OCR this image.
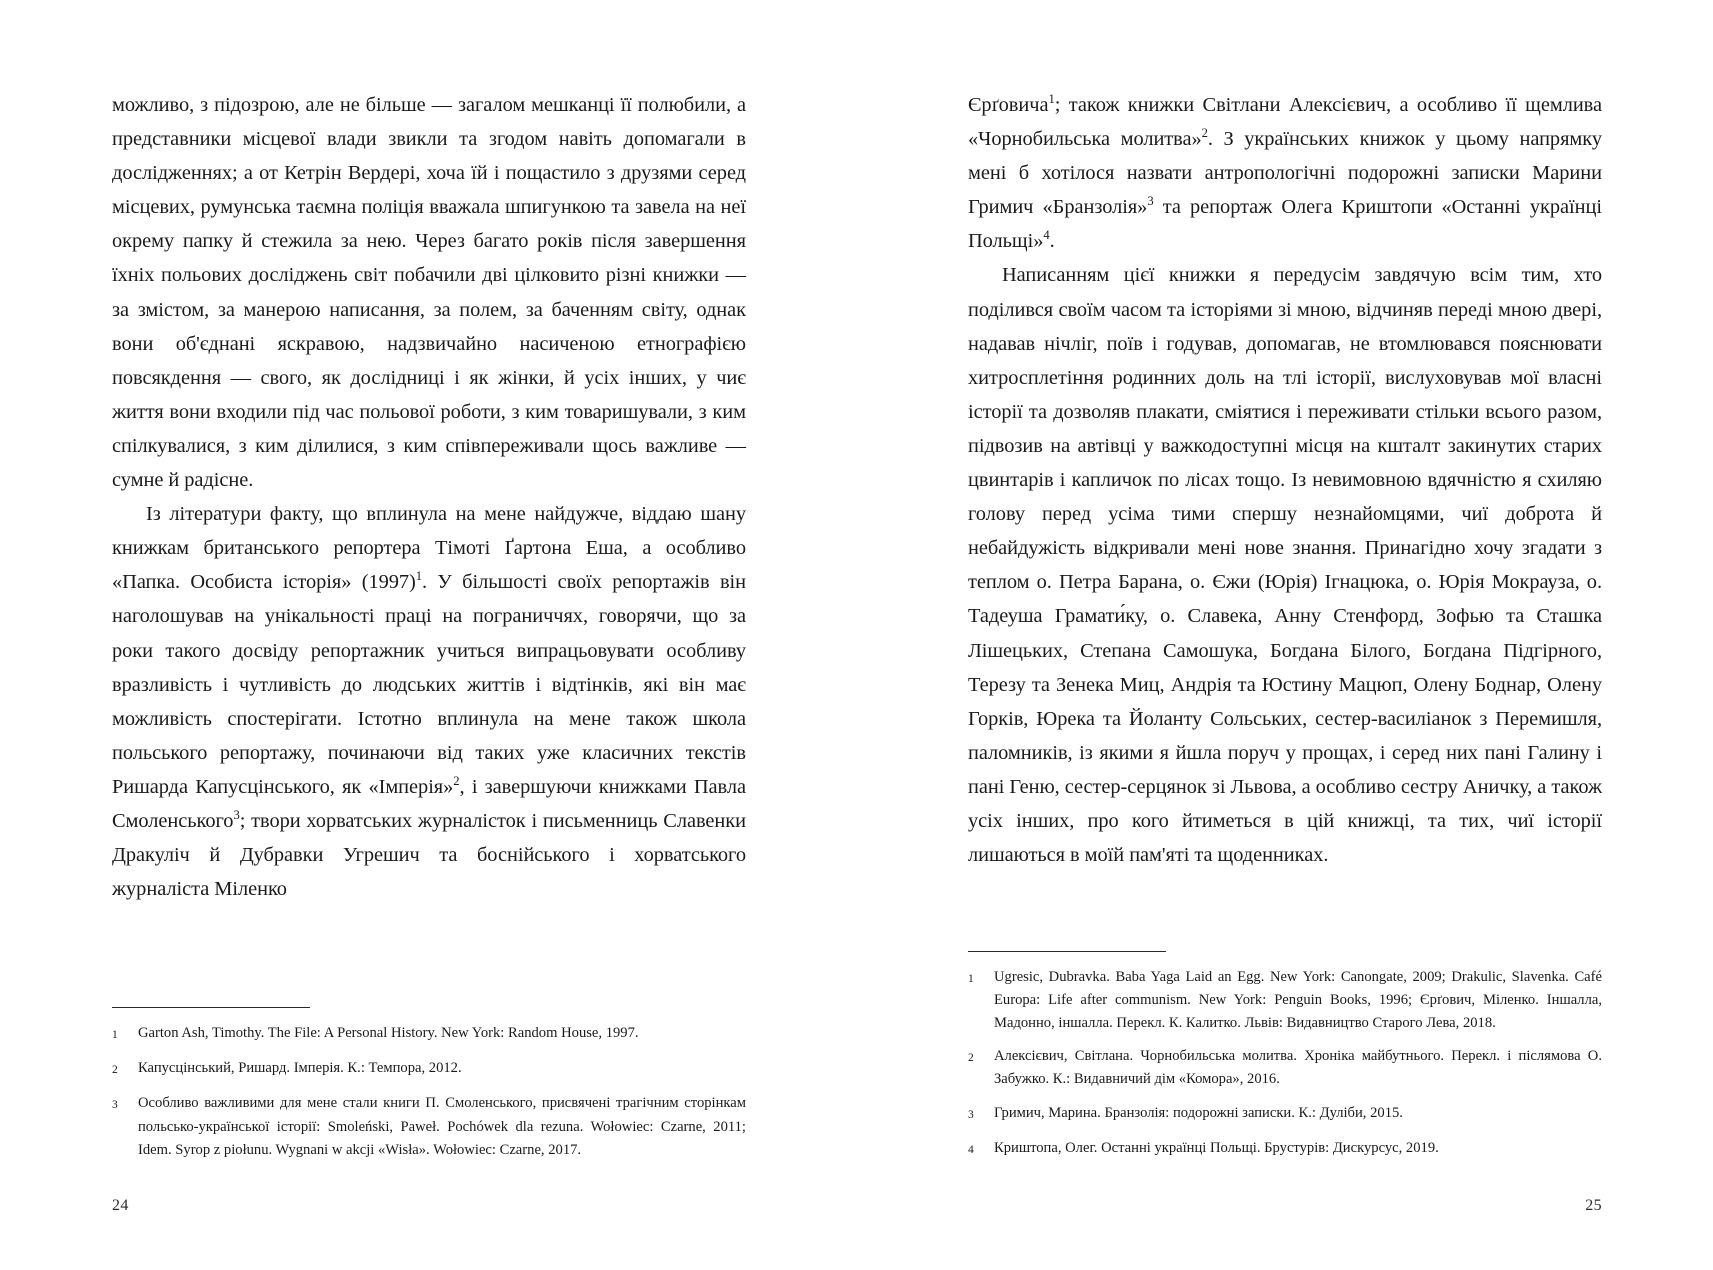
можливо, з підозрою, але не більше — загалом мешканці її полюбили, а представники місцевої влади звикли та згодом навіть допомагали в дослідженнях; а от Кетрін Вердері, хоча їй і пощастило з друзями серед місцевих, румунська таємна поліція вважала шпигункою та завела на неї окрему папку й стежила за нею. Через багато років після завершення їхніх польових досліджень світ побачили дві цілковито різні книжки — за змістом, за манерою написання, за полем, за баченням світу, однак вони об'єднані яскравою, надзвичайно насиченою етнографією повсякдення — свого, як дослідниці і як жінки, й усіх інших, у чиє життя вони входили під час польової роботи, з ким товаришували, з ким спілкувалися, з ким ділилися, з ким співпереживали щось важливе — сумне й радісне.

Із літератури факту, що вплинула на мене найдужче, віддаю шану книжкам британського репортера Тімоті Ґартона Еша, а особливо «Папка. Особиста історія» $(1997)^1$. У більшості своїх репортажів він наголошував на унікальності праці на пограниччях, говорячи, що за роки такого досвіду репортажник учиться випрацьовувати особливу вразливість і чутливість до людських життів і відтінків, які він має можливість спостерігати. Істотно вплинула на мене також школа польського репортажу, починаючи від таких уже класичних текстів Ришарда Капусцінського, як «Імперія»$^2$, і завершуючи книжками Павла Смоленського$^3$; твори хорватських журналісток і письменниць Славенки Дракуліч й Дубравки Угрешич та боснійського і хорватського журналіста Міленко

1	Garton Ash, Timothy. The File: A Personal History. New York: Random House, 1997.
2	Капусцінський, Ришард. Імперія. К.: Темпора, 2012.
3	Особливо важливими для мене стали книги П. Смоленського, присвячені трагічним сторінкам польсько-української історії: Smoleński, Paweł. Pochówek dla rezuna. Wołowiec: Czarne, 2011; Idem. Syrop z piołunu. Wygnani w akcji «Wisła». Wołowiec: Czarne, 2017.
24

Єрґовича$^1$; також книжки Світлани Алексієвич, а особливо її щемлива «Чорнобильська молитва»$^2$. З українських книжок у цьому напрямку мені б хотілося назвати антропологічні подорожні записки Марини Гримич «Бранзолія»$^3$ та репортаж Олега Криштопи «Останні українці Польщі»$^4$.

Написанням цієї книжки я передусім завдячую всім тим, хто поділився своїм часом та історіями зі мною, відчиняв переді мною двері, надавав нічліг, поїв і годував, допомагав, не втомлювався пояснювати хитросплетіння родинних доль на тлі історії, вислуховував мої власні історії та дозволяв плакати, сміятися і переживати стільки всього разом, підвозив на автівці у важкодоступні місця на кшталт закинутих старих цвинтарів і капличок по лісах тощо. Із невимовною вдячністю я схиляю голову перед усіма тими спершу незнайомцями, чиї доброта й небайдужість відкривали мені нове знання. Принагідно хочу згадати з теплом о. Петра Барана, о. Єжи (Юрія) Ігнацюка, о. Юрія Мокрауза, о. Тадеуша Грамати́ку, о. Славека, Анну Стенфорд, Зофью та Сташка Лішецьких, Степана Самошука, Богдана Білого, Богдана Підгірного, Терезу та Зенека Миц, Андрія та Юстину Мацюп, Олену Боднар, Олену Горків, Юрека та Йоланту Сольських, сестер-василіанок з Перемишля, паломників, із якими я йшла поруч у прощах, і серед них пані Галину і пані Геню, сестер-серцянок зі Львова, а особливо сестру Аничку, а також усіх інших, про кого йтиметься в цій книжці, та тих, чиї історії лишаються в моїй пам'яті та щоденниках.

1	Ugresic, Dubravka. Baba Yaga Laid an Egg. New York: Canongate, 2009; Drakulic, Slavenka. Café Europa: Life after communism. New York: Penguin Books, 1996; Єрґович, Міленко. Іншалла, Мадонно, іншалла. Перекл. К. Калитко. Львів: Видавництво Старого Лева, 2018.
2	Алексієвич, Світлана. Чорнобильська молитва. Хроніка майбутнього. Перекл. і післямова О. Забужко. К.: Видавничий дім «Комора», 2016.
3	Гримич, Марина. Бранзолія: подорожні записки. К.: Дуліби, 2015.
4	Криштопа, Олег. Останні українці Польщі. Брустурів: Дискурсус, 2019.
25
